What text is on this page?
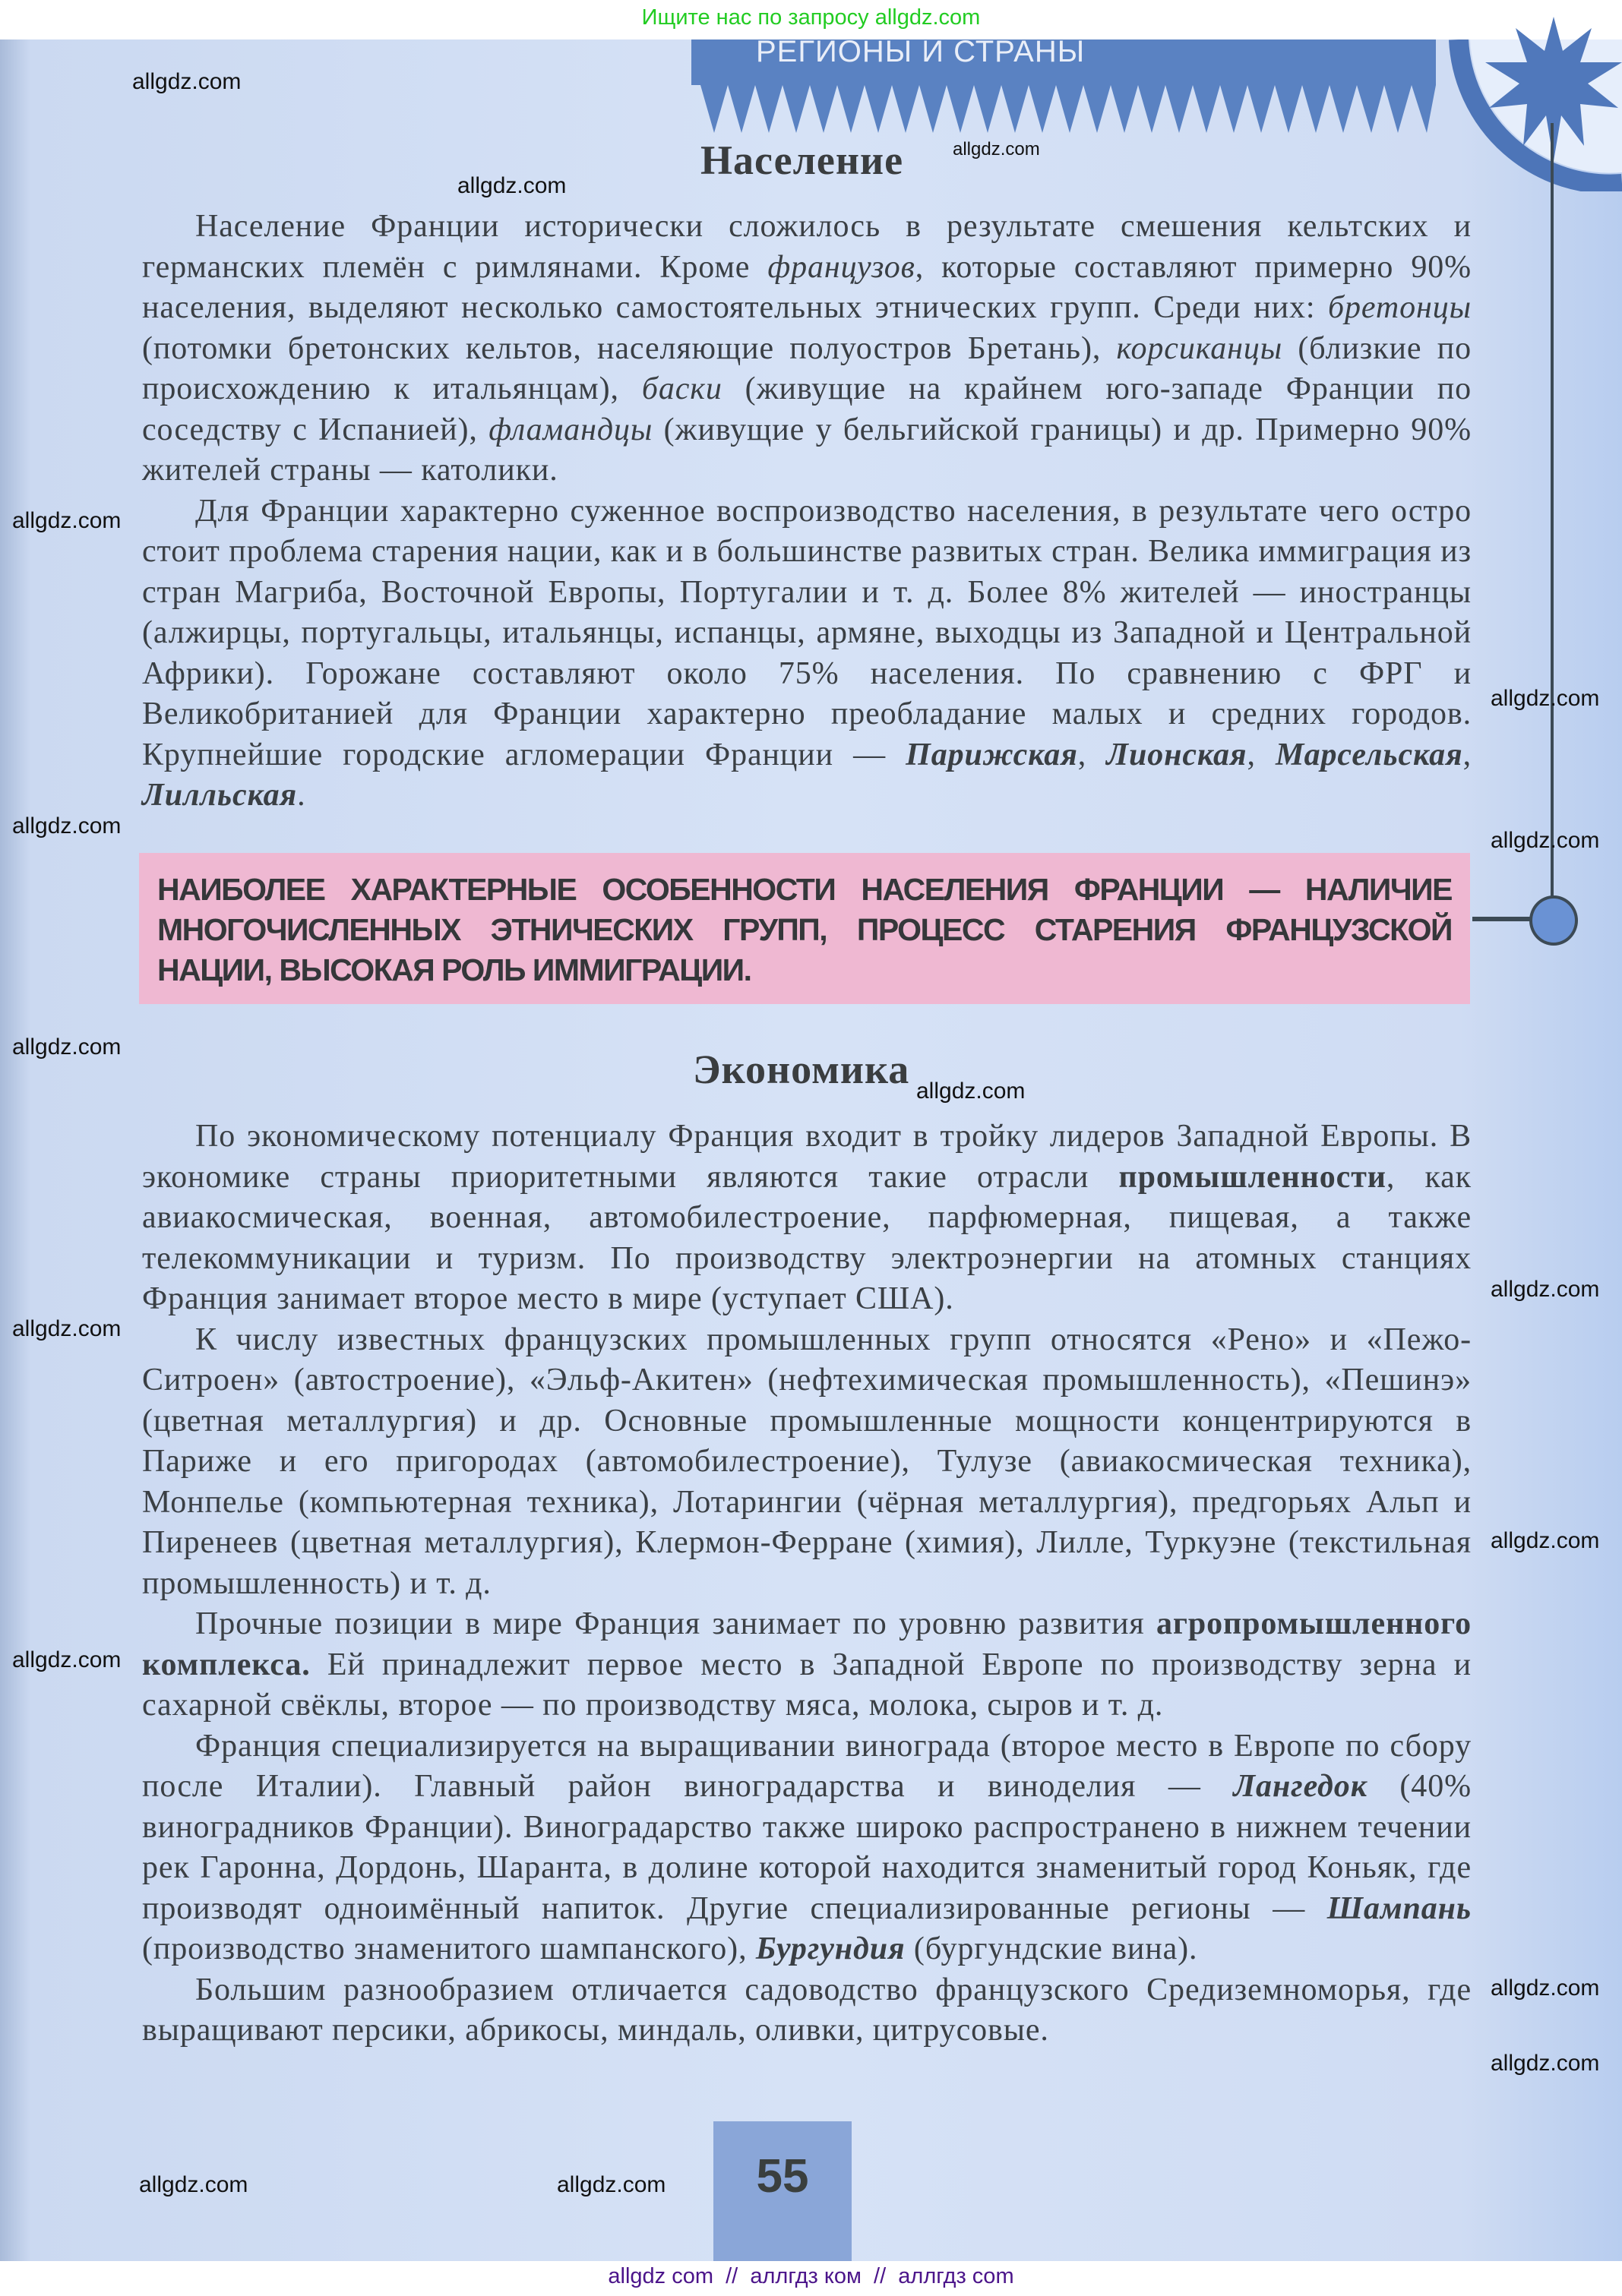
Ищите нас по запросу allgdz.com
РЕГИОНЫ И СТРАНЫ
Население

Население Франции исторически сложилось в результате смешения кельтских и германских племён с римлянами. Кроме французов, которые составляют примерно 90% населения, выделяют несколько самостоятельных этнических групп. Среди них: бретонцы (потомки бретонских кельтов, населяющие полуостров Бретань), корсиканцы (близкие по происхождению к итальянцам), баски (живущие на крайнем юго-западе Франции по соседству с Испанией), фламандцы (живущие у бельгийской границы) и др. Примерно 90% жителей страны — католики.

Для Франции характерно суженное воспроизводство населения, в результате чего остро стоит проблема старения нации, как и в большинстве развитых стран. Велика иммиграция из стран Магриба, Восточной Европы, Португалии и т. д. Более 8% жителей — иностранцы (алжирцы, португальцы, итальянцы, испанцы, армяне, выходцы из Западной и Центральной Африки). Горожане составляют около 75% населения. По сравнению с ФРГ и Великобританией для Франции характерно преобладание малых и средних городов. Крупнейшие городские агломерации Франции — Парижская, Лионская, Марсельская, Лилльская.

НАИБОЛЕЕ ХАРАКТЕРНЫЕ ОСОБЕННОСТИ НАСЕЛЕНИЯ ФРАНЦИИ — НАЛИЧИЕ МНОГОЧИСЛЕННЫХ ЭТНИЧЕСКИХ ГРУПП, ПРОЦЕСС СТАРЕНИЯ ФРАНЦУЗСКОЙ НАЦИИ, ВЫСОКАЯ РОЛЬ ИММИГРАЦИИ.
Экономика

По экономическому потенциалу Франция входит в тройку лидеров Западной Европы. В экономике страны приоритетными являются такие отрасли промышленности, как авиакосмическая, военная, автомобилестроение, парфюмерная, пищевая, а также телекоммуникации и туризм. По производству электроэнергии на атомных станциях Франция занимает второе место в мире (уступает США).

К числу известных французских промышленных групп относятся «Рено» и «Пежо-Ситроен» (автостроение), «Эльф-Акитен» (нефтехимическая промышленность), «Пешинэ» (цветная металлургия) и др. Основные промышленные мощности концентрируются в Париже и его пригородах (автомобилестроение), Тулузе (авиакосмическая техника), Монпелье (компьютерная техника), Лотарингии (чёрная металлургия), предгорьях Альп и Пиренеев (цветная металлургия), Клермон-Ферране (химия), Лилле, Туркуэне (текстильная промышленность) и т. д.

Прочные позиции в мире Франция занимает по уровню развития агропромышленного комплекса. Ей принадлежит первое место в Западной Европе по производству зерна и сахарной свёклы, второе — по производству мяса, молока, сыров и т. д.

Франция специализируется на выращивании винограда (второе место в Европе по сбору после Италии). Главный район виноградарства и виноделия — Лангедок (40% виноградников Франции). Виноградарство также широко распространено в нижнем течении рек Гаронна, Дордонь, Шаранта, в долине которой находится знаменитый город Коньяк, где производят одноимённый напиток. Другие специализированные регионы — Шампань (производство знаменитого шампанского), Бургундия (бургундские вина).

Большим разнообразием отличается садоводство французского Средиземноморья, где выращивают персики, абрикосы, миндаль, оливки, цитрусовые.

55
allgdz.com
allgdz.com
allgdz.com
allgdz.com
allgdz.com
allgdz.com
allgdz.com
allgdz.com
allgdz.com
allgdz.com
allgdz.com
allgdz.com
allgdz.com
allgdz.com
allgdz.com
allgdz.com	allgdz.com
allgdz com  //  аллгдз ком  //  аллгдз com
